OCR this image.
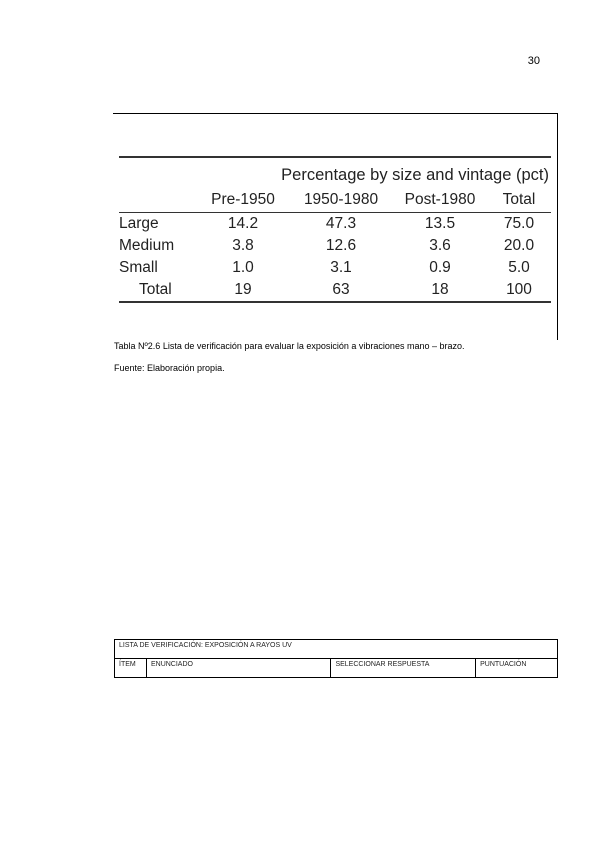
30

	Percentage by size and vintage (pct)			
	Pre-1950	1950-1980	Post-1980	Total
Large	14.2	47.3	13.5	75.0
Medium	3.8	12.6	3.6	20.0
Small	1.0	3.1	0.9	5.0
Total	19	63	18	100
Tabla Nº2.6 Lista de verificación para evaluar la exposición a vibraciones mano – brazo.
Fuente: Elaboración propia.
LISTA DE VERIFICACIÓN: EXPOSICIÓN A RAYOS UV
ÍTEM	ENUNCIADO	SELECCIONAR RESPUESTA	PUNTUACIÓN
